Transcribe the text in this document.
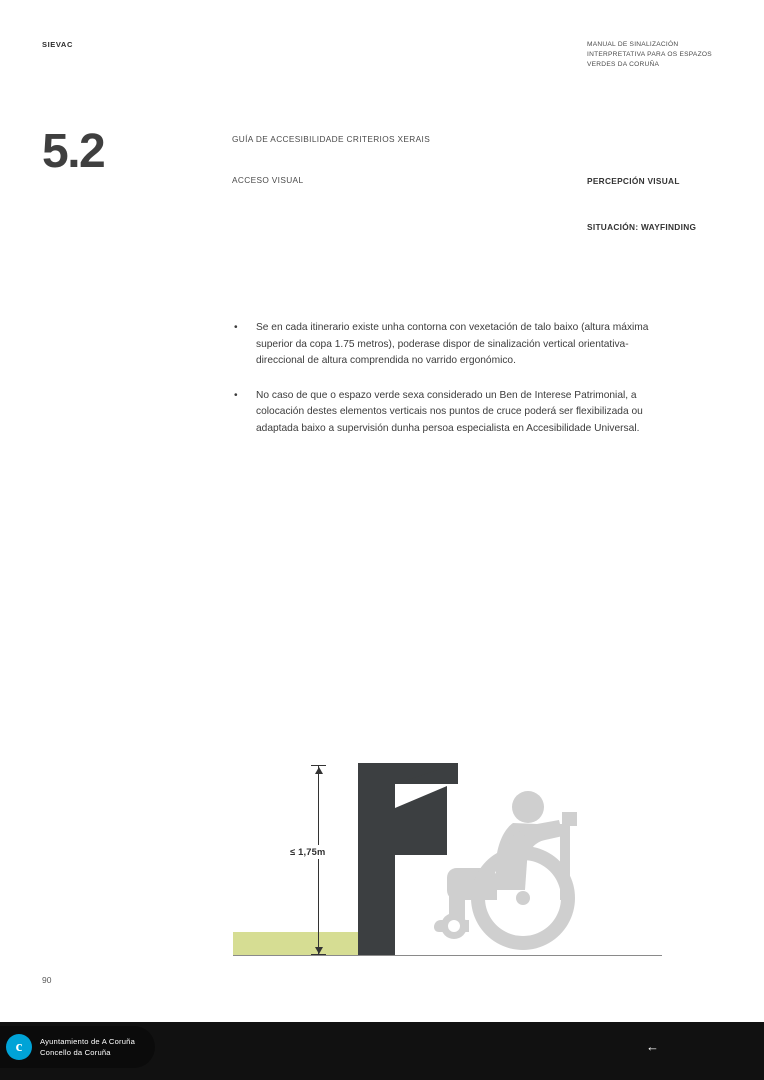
SIEVAC	MANUAL DE SINALIZACIÓN INTERPRETATIVA PARA OS ESPAZOS VERDES DA CORUÑA
5.2	GUÍA DE ACCESIBILIDADE CRITERIOS XERAIS
ACCESO VISUAL	PERCEPCIÓN VISUAL
SITUACIÓN: WAYFINDING
• Se en cada itinerario existe unha contorna con vexetación de talo baixo (altura máxima superior da copa 1.75 metros), poderase dispor de sinalización vertical orientativa-direccional de altura comprendida no varrido ergonómico.
• No caso de que o espazo verde sexa considerado un Ben de Interese Patrimonial, a colocación destes elementos verticais nos puntos de cruce poderá ser flexibilizada ou adaptada baixo a supervisión dunha persoa especialista en Accesibilidade Universal.
≤ 1,75m
90
c	Ayuntamiento de A Coruña
Concello da Coruña	←
